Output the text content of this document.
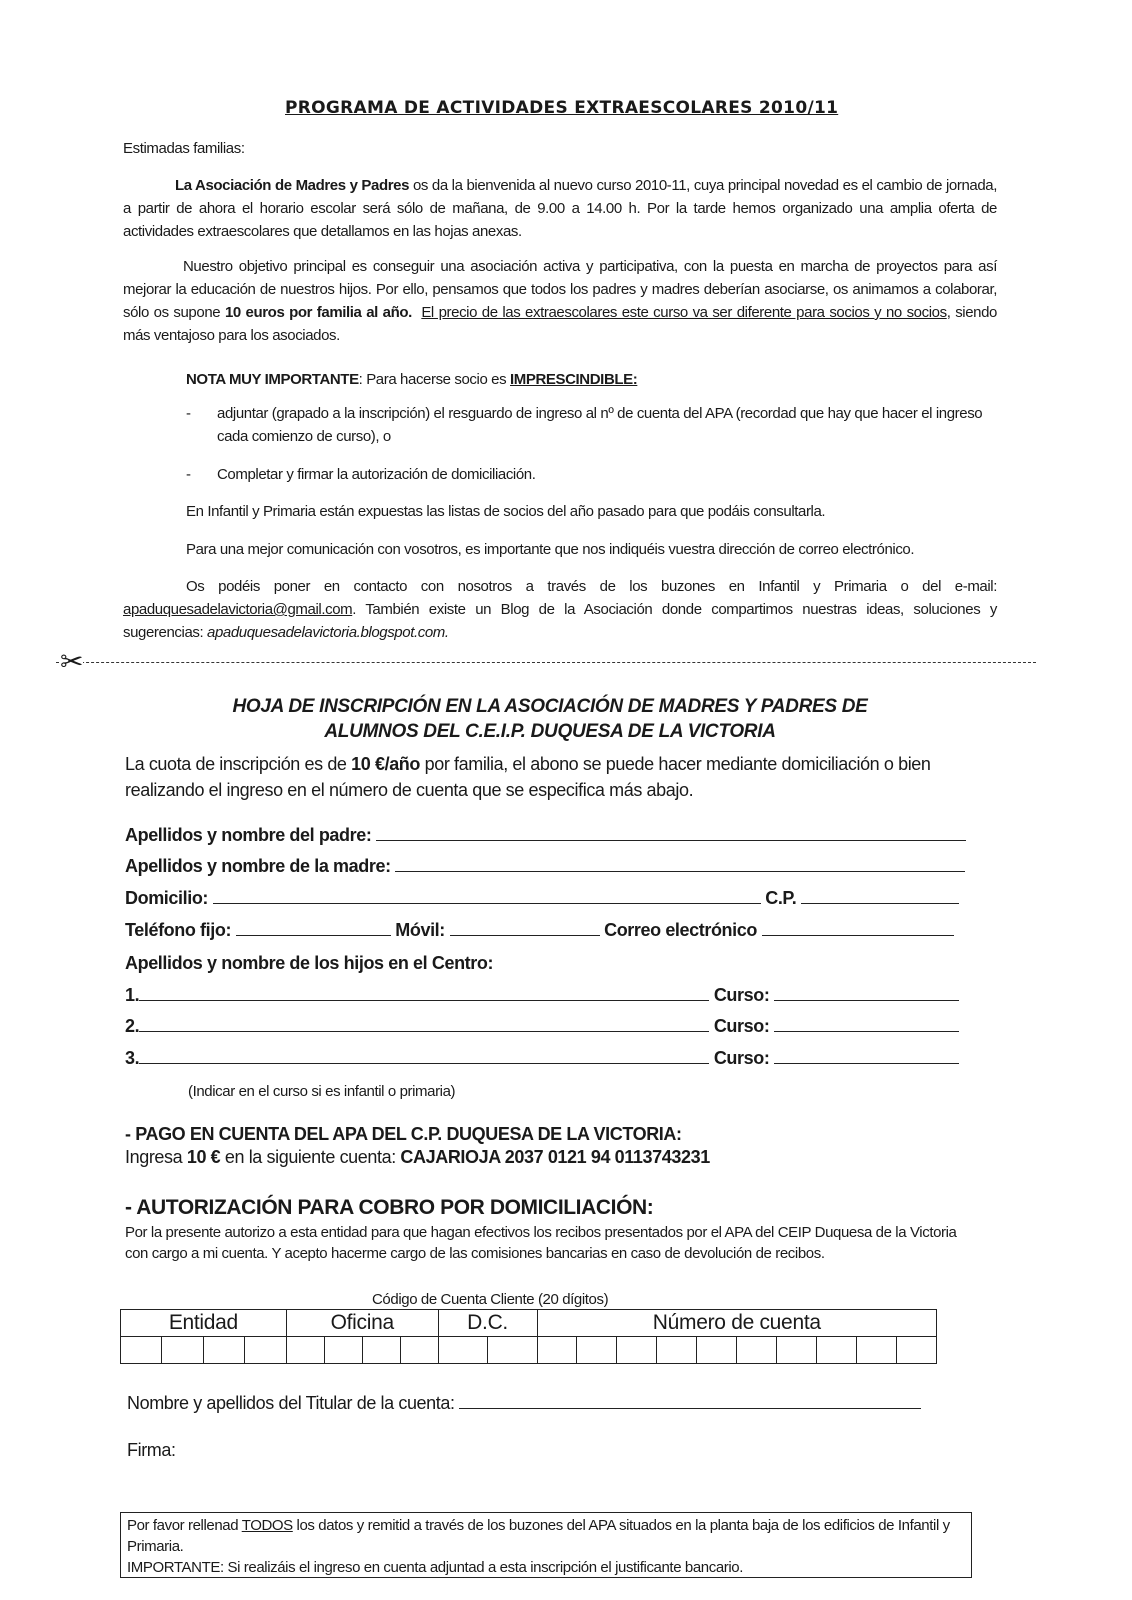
PROGRAMA DE ACTIVIDADES EXTRAESCOLARES 2010/11
Estimadas familias:
La Asociación de Madres y Padres os da la bienvenida al nuevo curso 2010-11, cuya principal novedad es el cambio de jornada, a partir de ahora el horario escolar será sólo de mañana, de 9.00 a 14.00 h. Por la tarde hemos organizado una amplia oferta de actividades extraescolares que detallamos en las hojas anexas.
Nuestro objetivo principal es conseguir una asociación activa y participativa, con la puesta en marcha de proyectos para así mejorar la educación de nuestros hijos. Por ello, pensamos que todos los padres y madres deberían asociarse, os animamos a colaborar, sólo os supone 10 euros por familia al año. El precio de las extraescolares este curso va ser diferente para socios y no socios, siendo más ventajoso para los asociados.
NOTA MUY IMPORTANTE: Para hacerse socio es IMPRESCINDIBLE:
- adjuntar (grapado a la inscripción) el resguardo de ingreso al nº de cuenta del APA (recordad que hay que hacer el ingreso cada comienzo de curso), o
- Completar y firmar la autorización de domiciliación.
En Infantil y Primaria están expuestas las listas de socios del año pasado para que podáis consultarla.
Para una mejor comunicación con vosotros, es importante que nos indiquéis vuestra dirección de correo electrónico.
Os podéis poner en contacto con nosotros a través de los buzones en Infantil y Primaria o del e-mail: apaduquesadelavictoria@gmail.com. También existe un Blog de la Asociación donde compartimos nuestras ideas, soluciones y sugerencias: apaduquesadelavictoria.blogspot.com.
✂
HOJA DE INSCRIPCIÓN EN LA ASOCIACIÓN DE MADRES Y PADRES DE
ALUMNOS DEL C.E.I.P. DUQUESA DE LA VICTORIA
La cuota de inscripción es de 10 €/año por familia, el abono se puede hacer mediante domiciliación o bien realizando el ingreso en el número de cuenta que se especifica más abajo.
Apellidos y nombre del padre:
Apellidos y nombre de la madre:
Domicilio:	C.P.
Teléfono fijo:	Móvil:	Correo electrónico
Apellidos y nombre de los hijos en el Centro:
1.	Curso:
2.	Curso:
3.	Curso:
(Indicar en el curso si es infantil o primaria)
- PAGO EN CUENTA DEL APA DEL C.P. DUQUESA DE LA VICTORIA:
Ingresa 10 € en la siguiente cuenta: CAJARIOJA 2037 0121 94 0113743231
- AUTORIZACIÓN PARA COBRO POR DOMICILIACIÓN:
Por la presente autorizo a esta entidad para que hagan efectivos los recibos presentados por el APA del CEIP Duquesa de la Victoria con cargo a mi cuenta. Y acepto hacerme cargo de las comisiones bancarias en caso de devolución de recibos.
Código de Cuenta Cliente (20 dígitos)
Entidad				Oficina				D.C.		Número de cuenta									

Nombre y apellidos del Titular de la cuenta:
Firma:
Por favor rellenad TODOS los datos y remitid a través de los buzones del APA situados en la planta baja de los edificios de Infantil y Primaria.
IMPORTANTE: Si realizáis el ingreso en cuenta adjuntad a esta inscripción el justificante bancario.
